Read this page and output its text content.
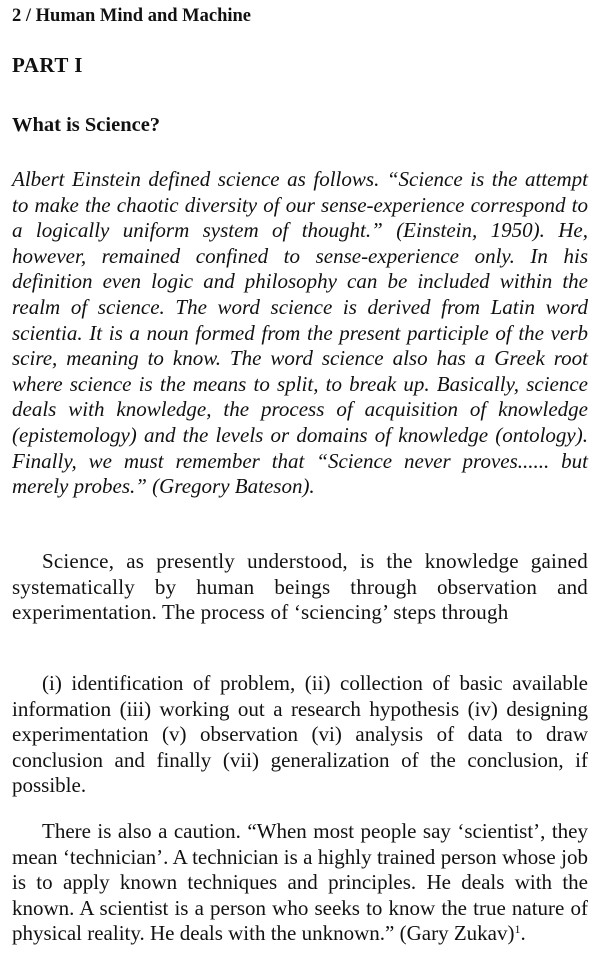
2 / Human Mind and Machine
PART I
What is Science?

Albert Einstein defined science as follows. “Science is the attempt to make the chaotic diversity of our sense-experience correspond to a logically uniform system of thought.” (Einstein, 1950). He, however, remained confined to sense-experience only. In his definition even logic and philosophy can be included within the realm of science. The word science is derived from Latin word scientia. It is a noun formed from the present participle of the verb scire, meaning to know. The word science also has a Greek root where science is the means to split, to break up. Basically, science deals with knowledge, the process of acquisition of knowledge (epistemology) and the levels or domains of knowledge (ontology). Finally, we must remember that “Science never proves...... but merely probes.” (Gregory Bateson).

Science, as presently understood, is the knowledge gained systematically by human beings through observation and experimentation. The process of ‘sciencing’ steps through

(i) identification of problem, (ii) collection of basic available information (iii) working out a research hypothesis (iv) designing experimentation (v) observation (vi) analysis of data to draw conclusion and finally (vii) generalization of the conclusion, if possible.

There is also a caution. “When most people say ‘scientist’, they mean ‘technician’. A technician is a highly trained person whose job is to apply known techniques and principles. He deals with the known. A scientist is a person who seeks to know the true nature of physical reality. He deals with the unknown.” (Gary Zukav)$^1$.
